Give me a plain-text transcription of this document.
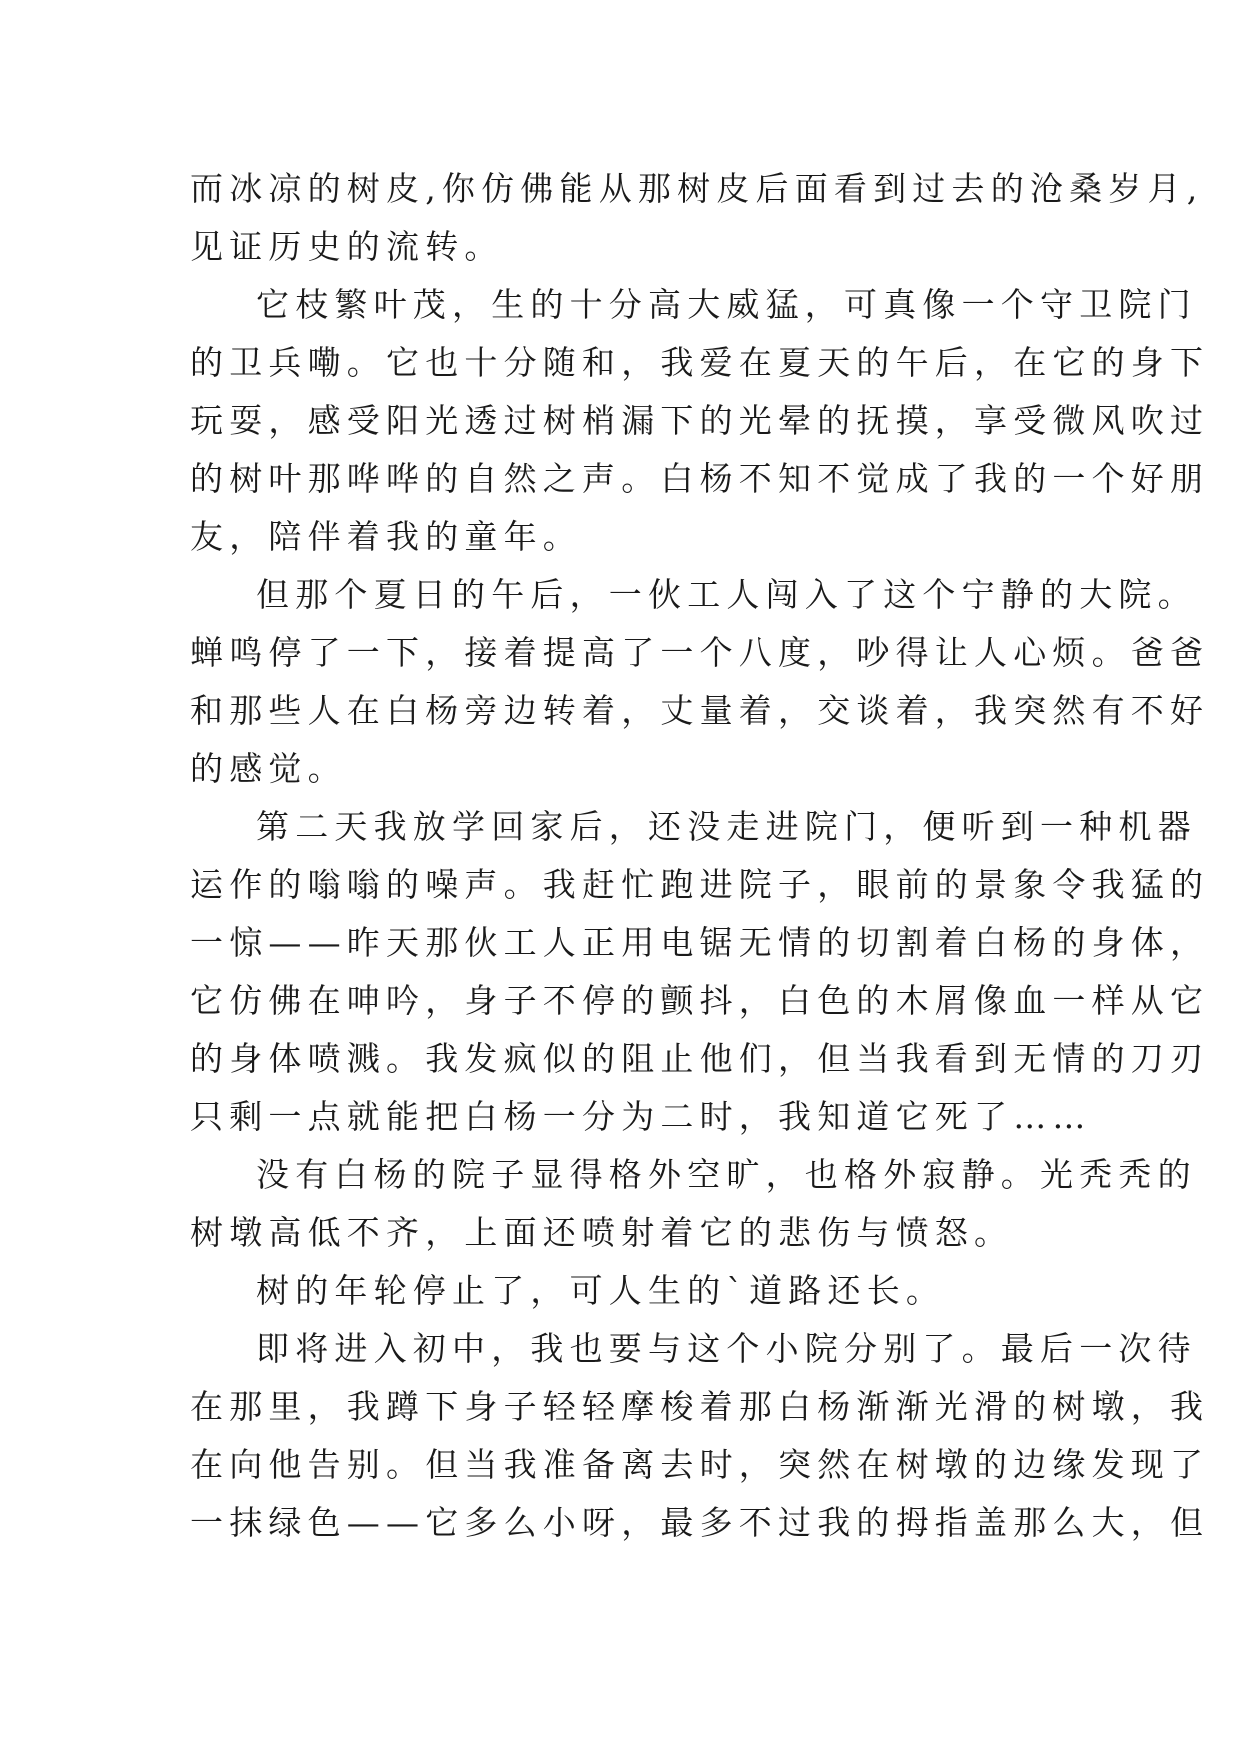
而冰凉的树皮,你仿佛能从那树皮后面看到过去的沧桑岁月,
见证历史的流转。
它枝繁叶茂，生的十分高大威猛，可真像一个守卫院门
的卫兵嘞。它也十分随和，我爱在夏天的午后，在它的身下
玩耍，感受阳光透过树梢漏下的光晕的抚摸，享受微风吹过
的树叶那哗哗的自然之声。白杨不知不觉成了我的一个好朋
友，陪伴着我的童年。
但那个夏日的午后，一伙工人闯入了这个宁静的大院。
蝉鸣停了一下，接着提高了一个八度，吵得让人心烦。爸爸
和那些人在白杨旁边转着，丈量着，交谈着，我突然有不好
的感觉。
第二天我放学回家后，还没走进院门，便听到一种机器
运作的嗡嗡的噪声。我赶忙跑进院子，眼前的景象令我猛的
一惊——昨天那伙工人正用电锯无情的切割着白杨的身体，
它仿佛在呻吟，身子不停的颤抖，白色的木屑像血一样从它
的身体喷溅。我发疯似的阻止他们，但当我看到无情的刀刃
只剩一点就能把白杨一分为二时，我知道它死了……
没有白杨的院子显得格外空旷，也格外寂静。光秃秃的
树墩高低不齐，上面还喷射着它的悲伤与愤怒。
树的年轮停止了，可人生的`道路还长。
即将进入初中，我也要与这个小院分别了。最后一次待
在那里，我蹲下身子轻轻摩梭着那白杨渐渐光滑的树墩，我
在向他告别。但当我准备离去时，突然在树墩的边缘发现了
一抹绿色——它多么小呀，最多不过我的拇指盖那么大，但
